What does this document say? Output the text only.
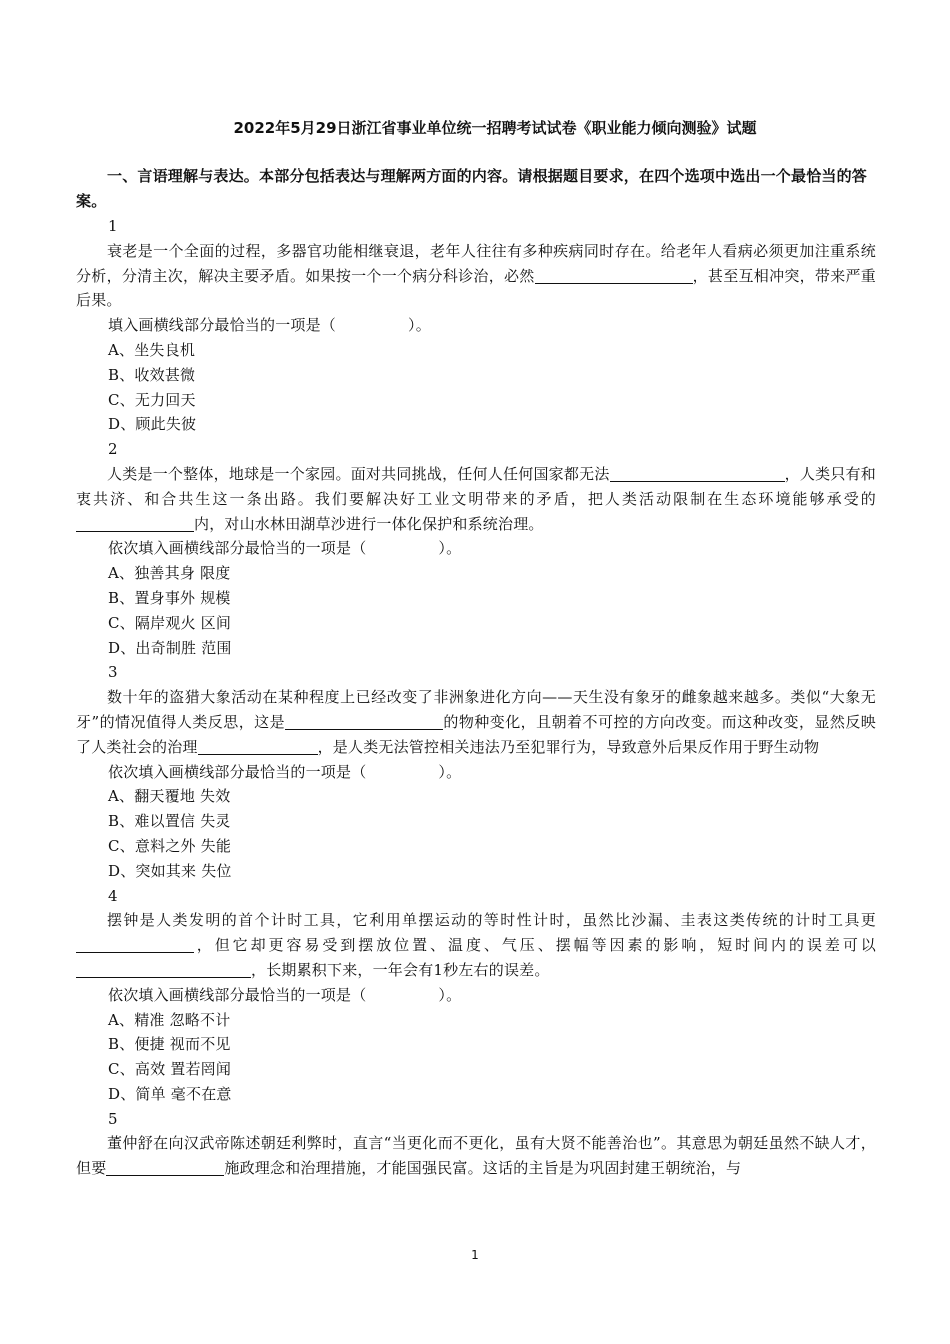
2022年5月29日浙江省事业单位统一招聘考试试卷《职业能力倾向测验》试题
一、言语理解与表达。本部分包括表达与理解两方面的内容。请根据题目要求，在四个选项中选出一个最恰当的答案。
1
衰老是一个全面的过程，多器官功能相继衰退，老年人往往有多种疾病同时存在。给老年人看病必须更加注重系统分析，分清主次，解决主要矛盾。如果按一个一个病分科诊治，必然	，甚至互相冲突，带来严重后果。
填入画横线部分最恰当的一项是（	）。
A、坐失良机
B、收效甚微
C、无力回天
D、顾此失彼
2
人类是一个整体，地球是一个家园。面对共同挑战，任何人任何国家都无法	，人类只有和衷共济、和合共生这一条出路。我们要解决好工业文明带来的矛盾，把人类活动限制在生态环境能够承受的内，对山水林田湖草沙进行一体化保护和系统治理。
依次填入画横线部分最恰当的一项是（	）。
A、独善其身 限度
B、置身事外 规模
C、隔岸观火 区间
D、出奇制胜 范围
3
数十年的盗猎大象活动在某种程度上已经改变了非洲象进化方向——天生没有象牙的雌象越来越多。类似“大象无牙”的情况值得人类反思，这是	的物种变化，且朝着不可控的方向改变。而这种改变，显然反映了人类社会的治理	，是人类无法管控相关违法乃至犯罪行为，导致意外后果反作用于野生动物
依次填入画横线部分最恰当的一项是（	）。
A、翻天覆地 失效
B、难以置信 失灵
C、意料之外 失能
D、突如其来 失位
4
摆钟是人类发明的首个计时工具，它利用单摆运动的等时性计时，虽然比沙漏、圭表这类传统的计时工具更，但它却更容易受到摆放位置、温度、气压、摆幅等因素的影响，短时间内的误差可以，长期累积下来，一年会有1秒左右的误差。
依次填入画横线部分最恰当的一项是（	）。
A、精准 忽略不计
B、便捷 视而不见
C、高效 置若罔闻
D、简单 毫不在意
5
董仲舒在向汉武帝陈述朝廷利弊时，直言“当更化而不更化，虽有大贤不能善治也”。其意思为朝廷虽然不缺人才，但要	施政理念和治理措施，才能国强民富。这话的主旨是为巩固封建王朝统治，与
1
